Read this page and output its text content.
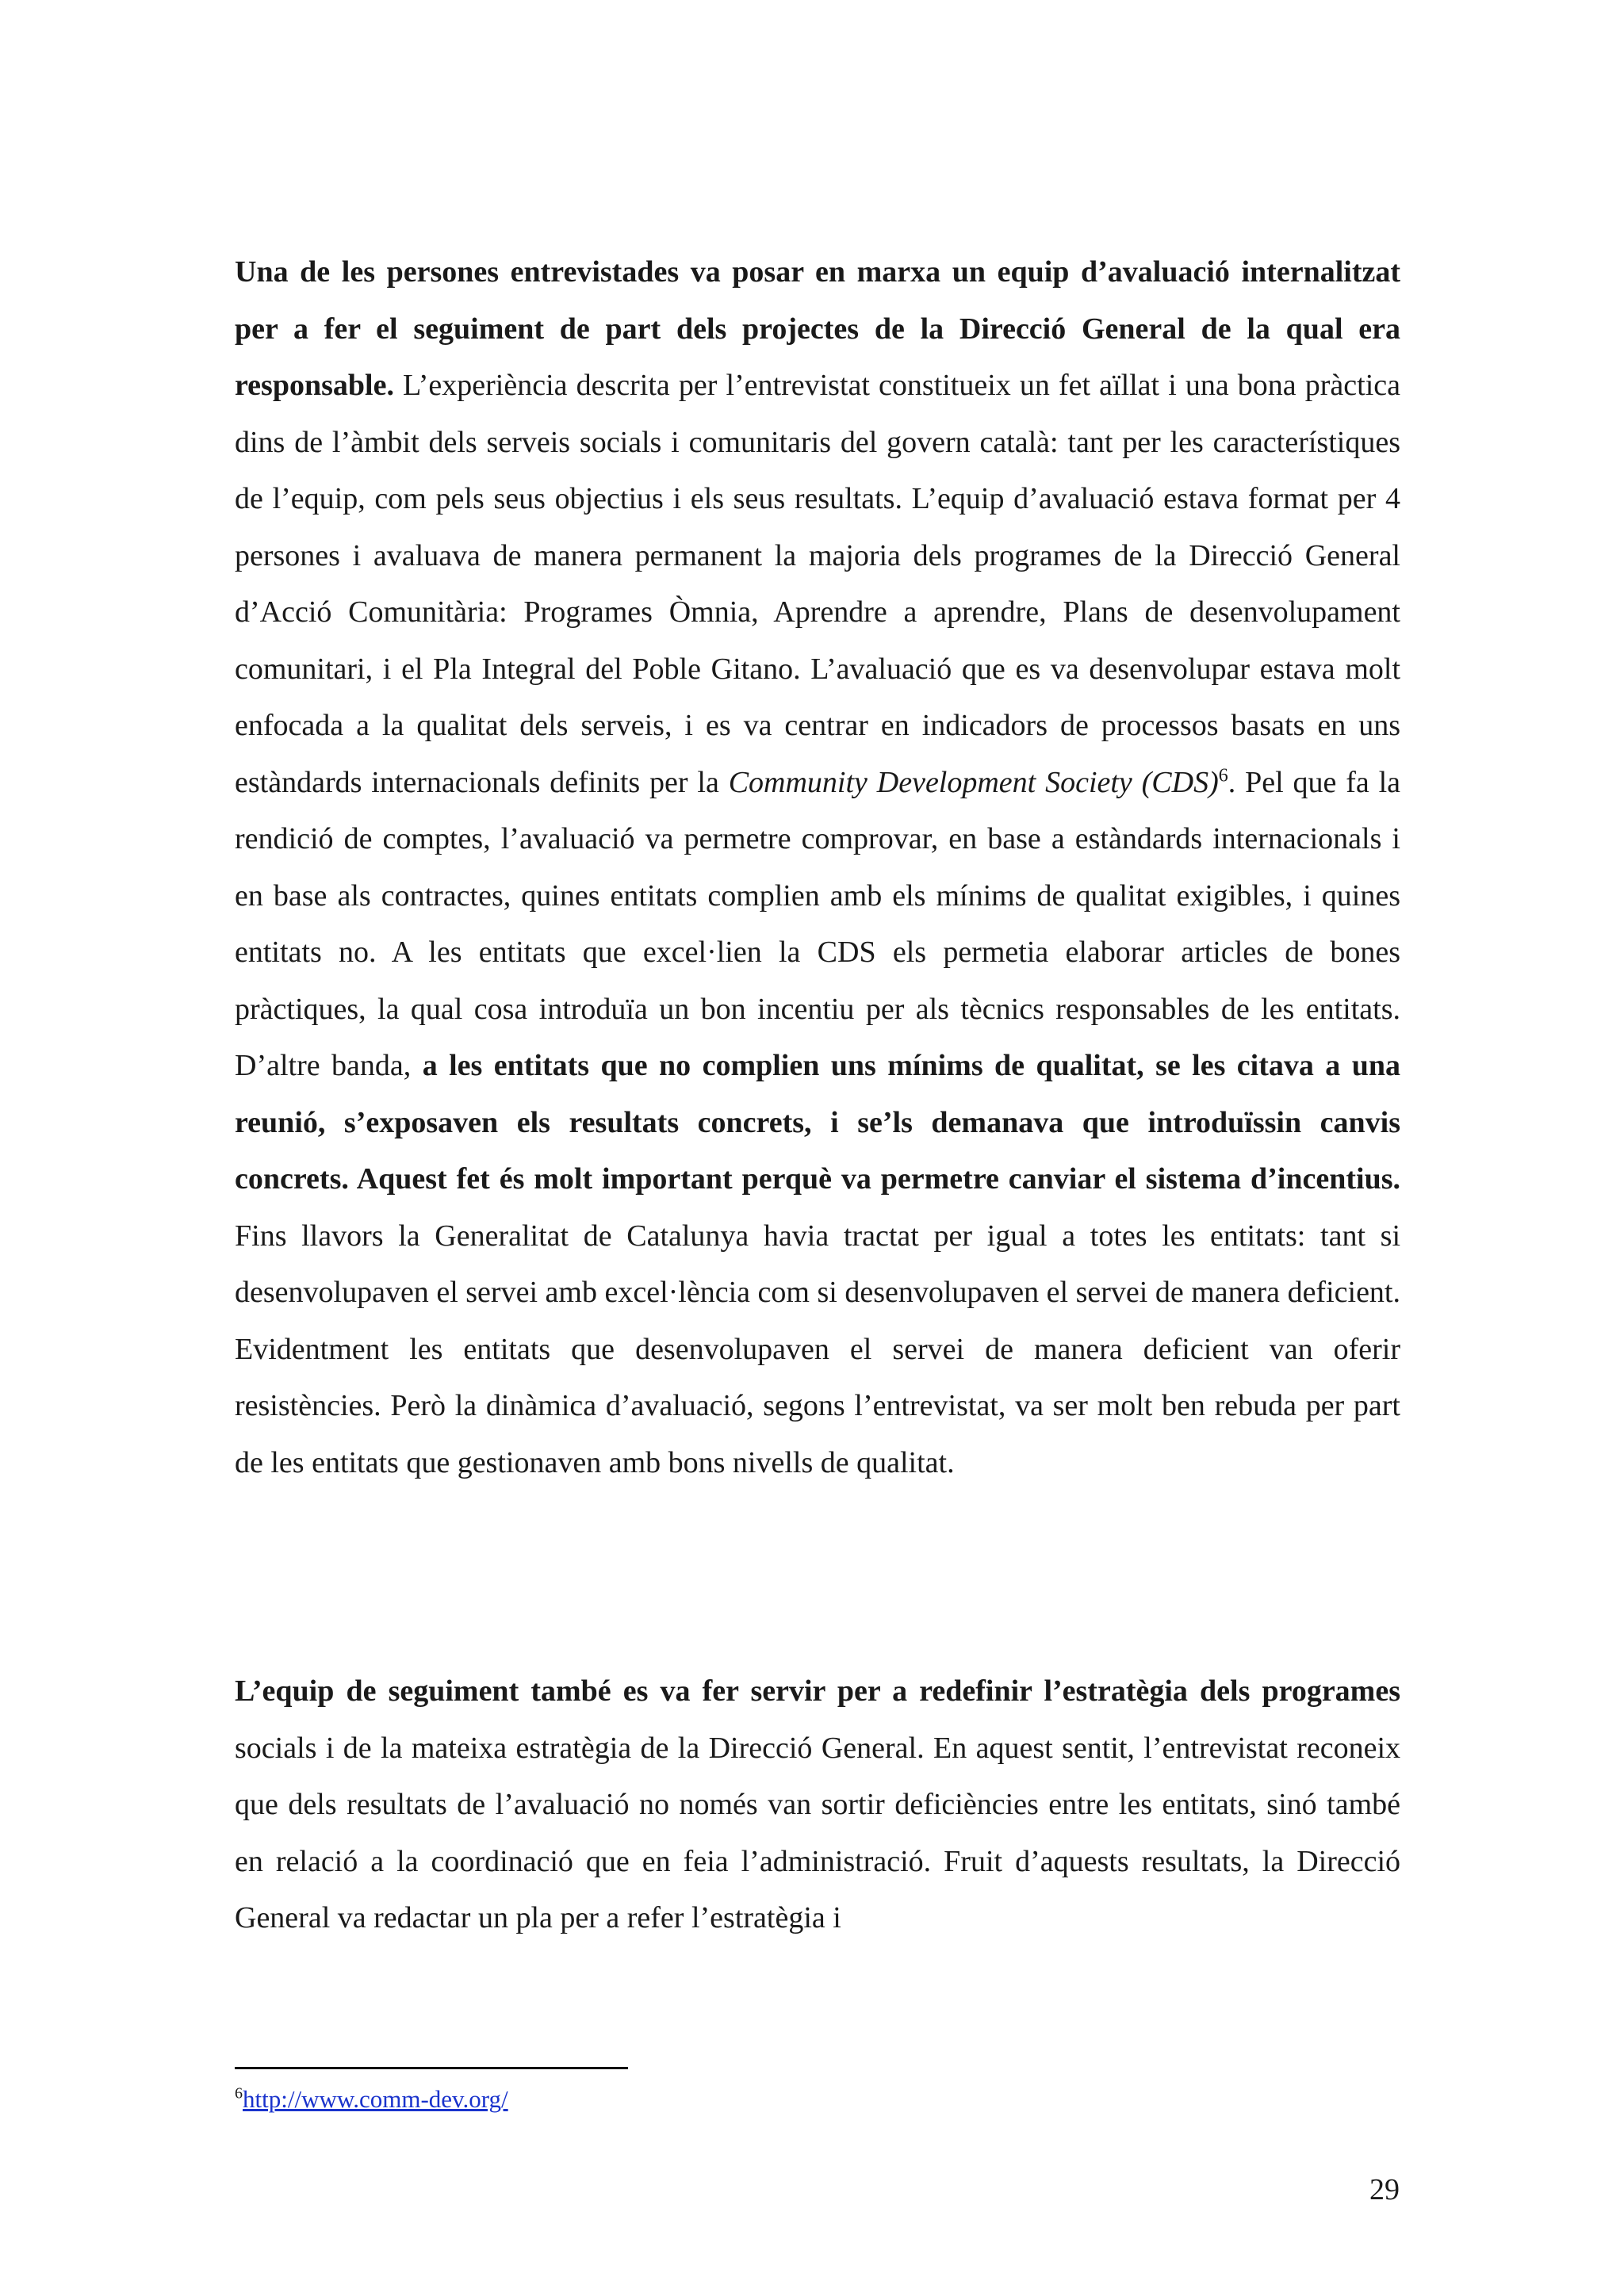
Una de les persones entrevistades va posar en marxa un equip d’avaluació internalitzat per a fer el seguiment de part dels projectes de la Direcció General de la qual era responsable. L’experiència descrita per l’entrevistat constitueix un fet aïllat i una bona pràctica dins de l’àmbit dels serveis socials i comunitaris del govern català: tant per les característiques de l’equip, com pels seus objectius i els seus resultats. L’equip d’avaluació estava format per 4 persones i avaluava de manera permanent la majoria dels programes de la Direcció General d’Acció Comunitària: Programes Òmnia, Aprendre a aprendre, Plans de desenvolupament comunitari, i el Pla Integral del Poble Gitano. L’avaluació que es va desenvolupar estava molt enfocada a la qualitat dels serveis, i es va centrar en indicadors de processos basats en uns estàndards internacionals definits per la Community Development Society (CDS)$^6$. Pel que fa la rendició de comptes, l’avaluació va permetre comprovar, en base a estàndards internacionals i en base als contractes, quines entitats complien amb els mínims de qualitat exigibles, i quines entitats no. A les entitats que excel·lien la CDS els permetia elaborar articles de bones pràctiques, la qual cosa introduïa un bon incentiu per als tècnics responsables de les entitats. D’altre banda, a les entitats que no complien uns mínims de qualitat, se les citava a una reunió, s’exposaven els resultats concrets, i se’ls demanava que introduïssin canvis concrets. Aquest fet és molt important perquè va permetre canviar el sistema d’incentius. Fins llavors la Generalitat de Catalunya havia tractat per igual a totes les entitats: tant si desenvolupaven el servei amb excel·lència com si desenvolupaven el servei de manera deficient. Evidentment les entitats que desenvolupaven el servei de manera deficient van oferir resistències. Però la dinàmica d’avaluació, segons l’entrevistat, va ser molt ben rebuda per part de les entitats que gestionaven amb bons nivells de qualitat.

L’equip de seguiment també es va fer servir per a redefinir l’estratègia dels programes socials i de la mateixa estratègia de la Direcció General. En aquest sentit, l’entrevistat reconeix que dels resultats de l’avaluació no només van sortir deficiències entre les entitats, sinó també en relació a la coordinació que en feia l’administració. Fruit d’aquests resultats, la Direcció General va redactar un pla per a refer l’estratègia i

$^6$http://www.comm-dev.org/

29
